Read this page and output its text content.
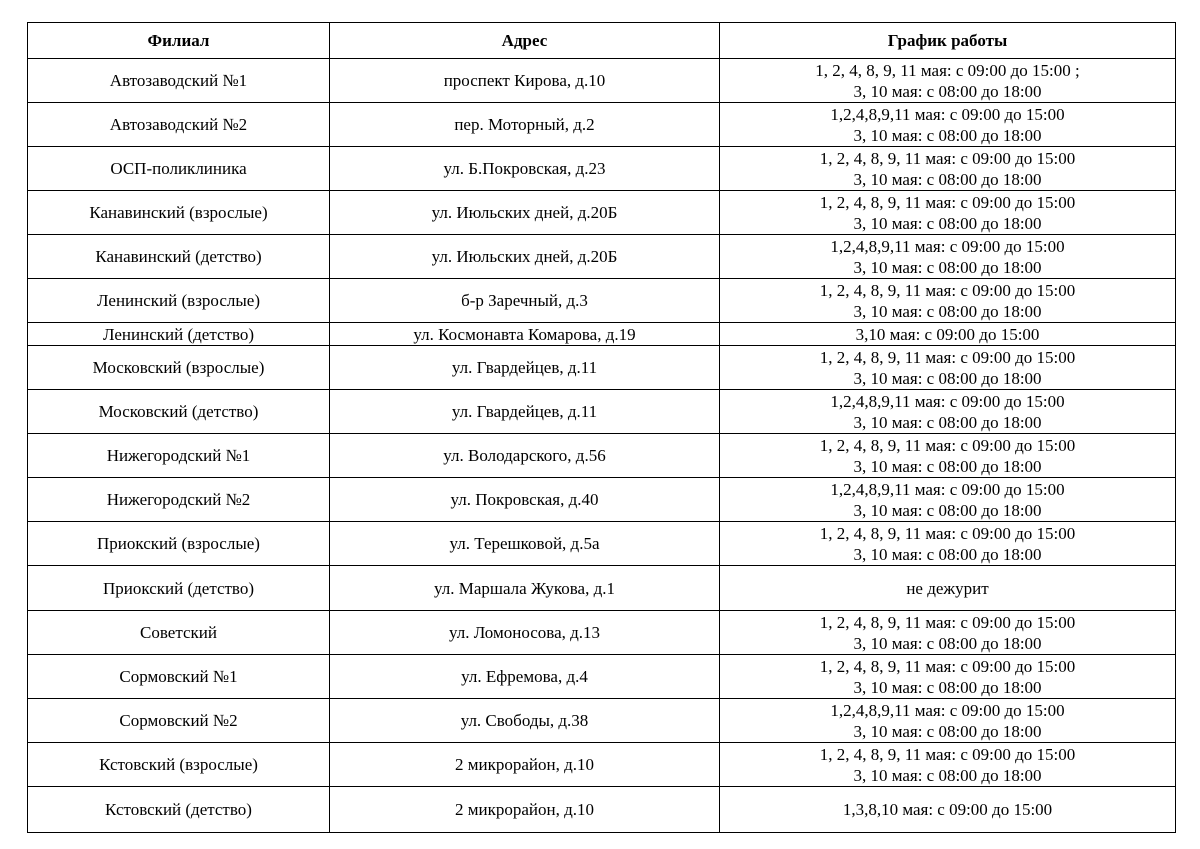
Филиал	Адрес	График работы
Автозаводский №1	проспект Кирова, д.10	1, 2, 4, 8, 9, 11 мая: с 09:00 до 15:00 ;
3, 10 мая: с 08:00 до 18:00

Автозаводский №2	пер. Моторный, д.2	1,2,4,8,9,11 мая: с 09:00 до 15:00
3, 10 мая: с 08:00 до 18:00

ОСП-поликлиника	ул. Б.Покровская, д.23	1, 2, 4, 8, 9, 11 мая: с 09:00 до 15:00
3, 10 мая: с 08:00 до 18:00

Канавинский (взрослые)	ул. Июльских дней, д.20Б	1, 2, 4, 8, 9, 11 мая: с 09:00 до 15:00
3, 10 мая: с 08:00 до 18:00

Канавинский (детство)	ул. Июльских дней, д.20Б	1,2,4,8,9,11 мая: с 09:00 до 15:00
3, 10 мая: с 08:00 до 18:00

Ленинский (взрослые)	б-р Заречный, д.3	1, 2, 4, 8, 9, 11 мая: с 09:00 до 15:00
3, 10 мая: с 08:00 до 18:00

Ленинский (детство)	ул. Космонавта Комарова, д.19	3,10 мая: с 09:00 до 15:00

Московский (взрослые)	ул. Гвардейцев, д.11	1, 2, 4, 8, 9, 11 мая: с 09:00 до 15:00
3, 10 мая: с 08:00 до 18:00

Московский (детство)	ул. Гвардейцев, д.11	1,2,4,8,9,11 мая: с 09:00 до 15:00
3, 10 мая: с 08:00 до 18:00

Нижегородский №1	ул. Володарского, д.56	1, 2, 4, 8, 9, 11 мая: с 09:00 до 15:00
3, 10 мая: с 08:00 до 18:00

Нижегородский №2	ул. Покровская, д.40	1,2,4,8,9,11 мая: с 09:00 до 15:00
3, 10 мая: с 08:00 до 18:00

Приокский (взрослые)	ул. Терешковой, д.5а	1, 2, 4, 8, 9, 11 мая: с 09:00 до 15:00
3, 10 мая: с 08:00 до 18:00

Приокский (детство)	ул. Маршала Жукова, д.1	не дежурит

Советский	ул. Ломоносова, д.13	1, 2, 4, 8, 9, 11 мая: с 09:00 до 15:00
3, 10 мая: с 08:00 до 18:00

Сормовский №1	ул. Ефремова, д.4	1, 2, 4, 8, 9, 11 мая: с 09:00 до 15:00
3, 10 мая: с 08:00 до 18:00

Сормовский №2	ул. Свободы, д.38	1,2,4,8,9,11 мая: с 09:00 до 15:00
3, 10 мая: с 08:00 до 18:00

Кстовский (взрослые)	2 микрорайон, д.10	1, 2, 4, 8, 9, 11 мая: с 09:00 до 15:00
3, 10 мая: с 08:00 до 18:00

Кстовский (детство)	2 микрорайон, д.10	1,3,8,10 мая: с 09:00 до 15:00
